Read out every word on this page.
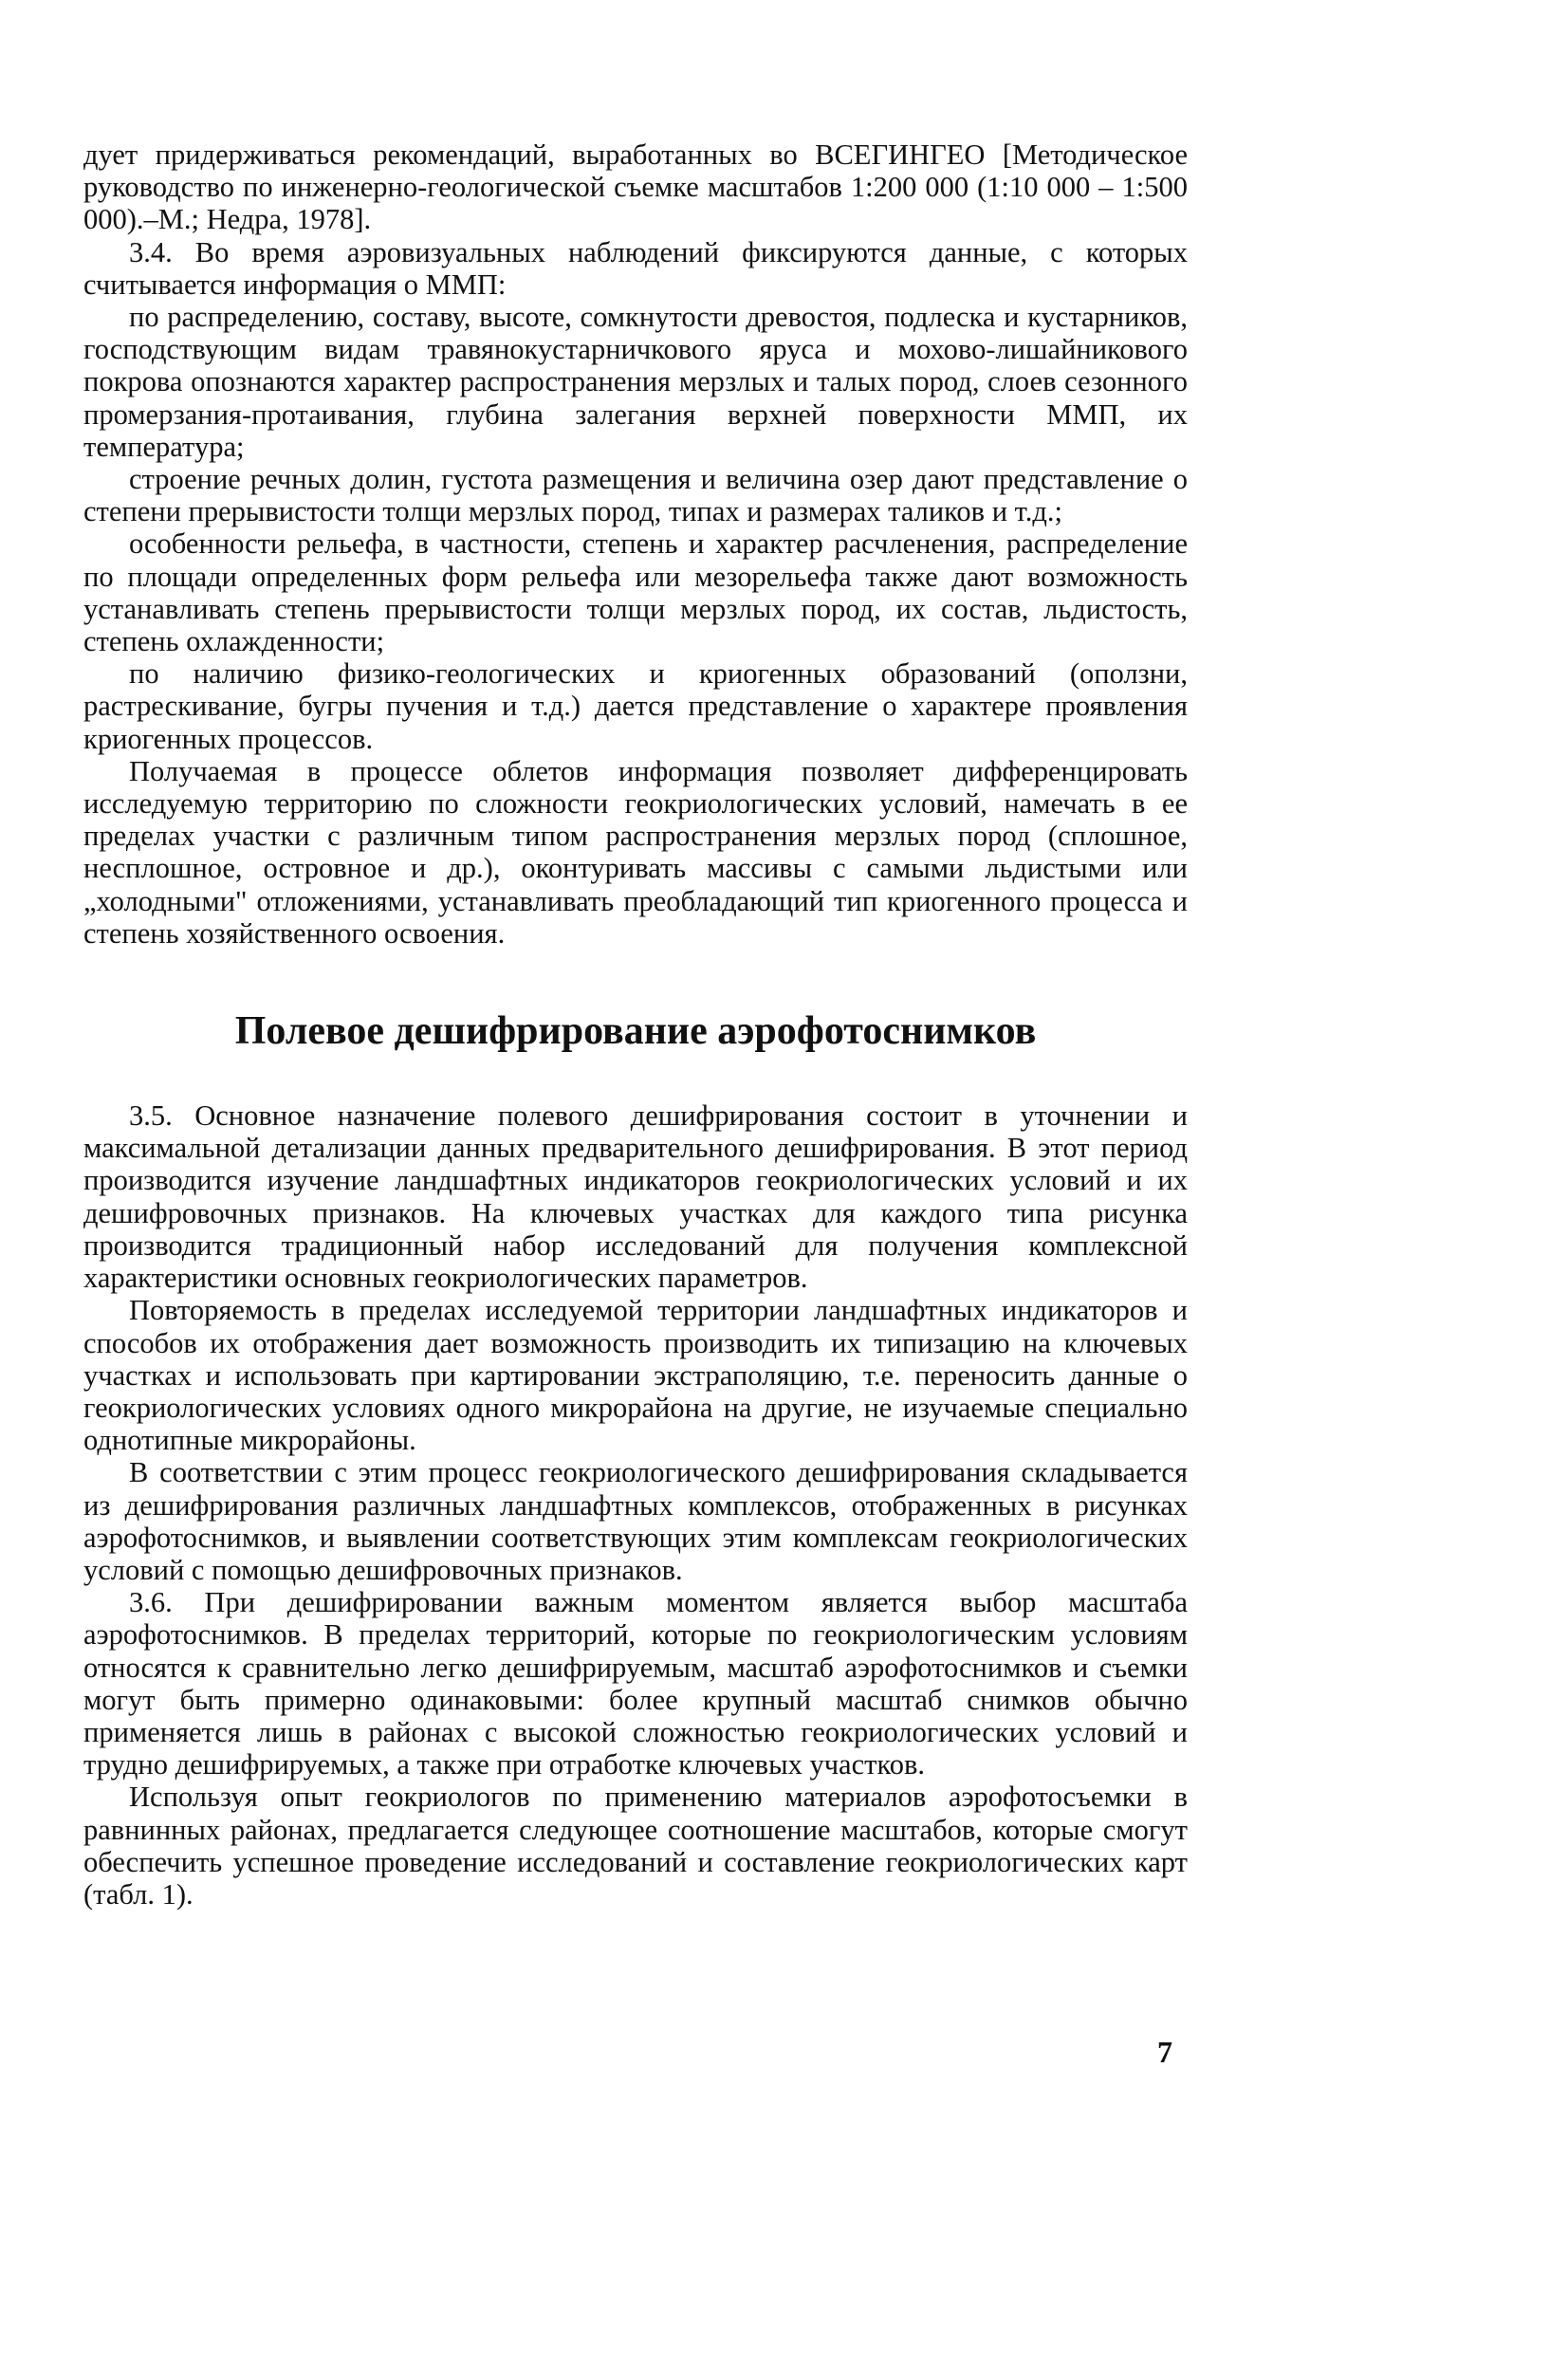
дует придерживаться рекомендаций, выработанных во ВСЕГИНГЕО [Методическое руководство по инженерно-геологической съемке масштабов 1:200 000 (1:10 000 – 1:500 000).–М.; Недра, 1978].

3.4. Во время аэровизуальных наблюдений фиксируются данные, с которых считывается информация о ММП:

по распределению, составу, высоте, сомкнутости древостоя, подлеска и кустарников, господствующим видам травянокустарничкового яруса и мохово-лишайникового покрова опознаются характер распространения мерзлых и талых пород, слоев сезонного промерзания-протаивания, глубина залегания верхней поверхности ММП, их температура;

строение речных долин, густота размещения и величина озер дают представление о степени прерывистости толщи мерзлых пород, типах и размерах таликов и т.д.;

особенности рельефа, в частности, степень и характер расчленения, распределение по площади определенных форм рельефа или мезорельефа также дают возможность устанавливать степень прерывистости толщи мерзлых пород, их состав, льдистость, степень охлажденности;

по наличию физико-геологических и криогенных образований (оползни, растрескивание, бугры пучения и т.д.) дается представление о характере проявления криогенных процессов.

Получаемая в процессе облетов информация позволяет дифференцировать исследуемую территорию по сложности геокриологических условий, намечать в ее пределах участки с различным типом распространения мерзлых пород (сплошное, несплошное, островное и др.), оконтуривать массивы с самыми льдистыми или „холодными" отложениями, устанавливать преобладающий тип криогенного процесса и степень хозяйственного освоения.

Полевое дешифрирование аэрофотоснимков

3.5. Основное назначение полевого дешифрирования состоит в уточнении и максимальной детализации данных предварительного дешифрирования. В этот период производится изучение ландшафтных индикаторов геокриологических условий и их дешифровочных признаков. На ключевых участках для каждого типа рисунка производится традиционный набор исследований для получения комплексной характеристики основных геокриологических параметров.

Повторяемость в пределах исследуемой территории ландшафтных индикаторов и способов их отображения дает возможность производить их типизацию на ключевых участках и использовать при картировании экстраполяцию, т.е. переносить данные о геокриологических условиях одного микрорайона на другие, не изучаемые специально однотипные микрорайоны.

В соответствии с этим процесс геокриологического дешифрирования складывается из дешифрирования различных ландшафтных комплексов, отображенных в рисунках аэрофотоснимков, и выявлении соответствующих этим комплексам геокриологических условий с помощью дешифровочных признаков.

3.6. При дешифрировании важным моментом является выбор масштаба аэрофотоснимков. В пределах территорий, которые по геокриологическим условиям относятся к сравнительно легко дешифрируемым, масштаб аэрофотоснимков и съемки могут быть примерно одинаковыми: более крупный масштаб снимков обычно применяется лишь в районах с высокой сложностью геокриологических условий и трудно дешифрируемых, а также при отработке ключевых участков.

Используя опыт геокриологов по применению материалов аэрофотосъемки в равнинных районах, предлагается следующее соотношение масштабов, которые смогут обеспечить успешное проведение исследований и составление геокриологических карт (табл. 1).

7
